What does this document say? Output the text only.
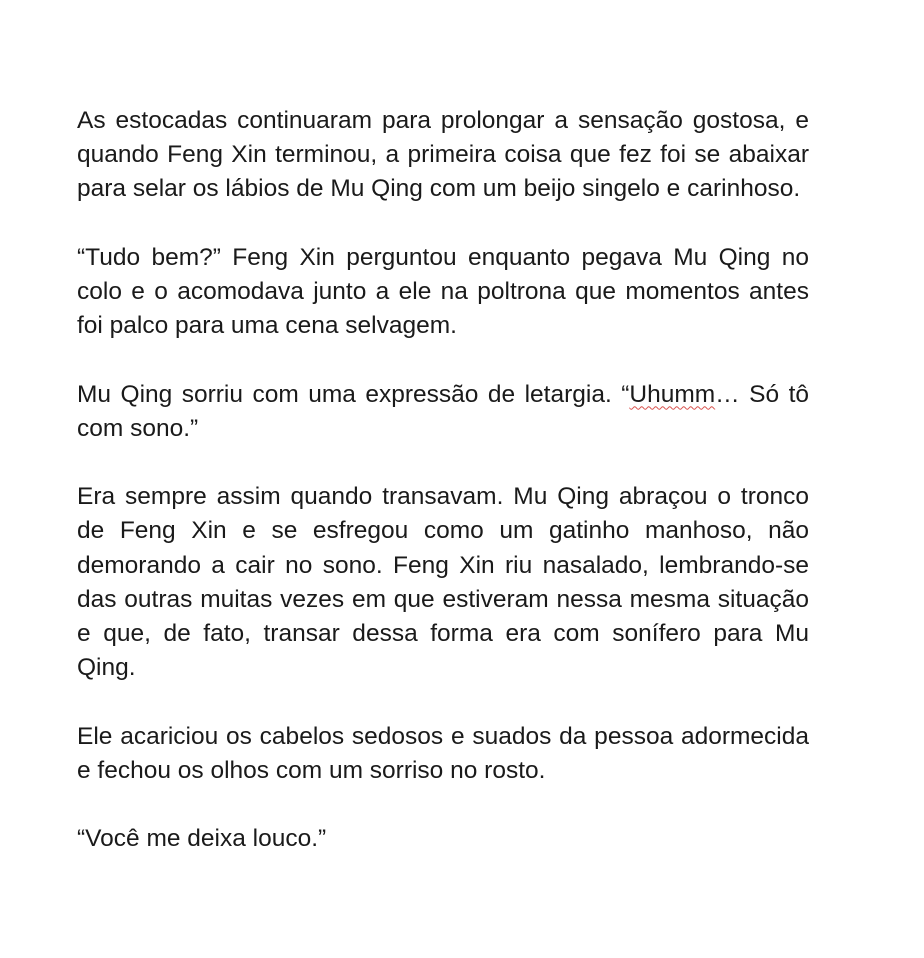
As estocadas continuaram para prolongar a sensação gostosa, e quando Feng Xin terminou, a primeira coisa que fez foi se abaixar para selar os lábios de Mu Qing com um beijo singelo e carinhoso.

“Tudo bem?” Feng Xin perguntou enquanto pegava Mu Qing no colo e o acomodava junto a ele na poltrona que momentos antes foi palco para uma cena selvagem.

Mu Qing sorriu com uma expressão de letargia. “Uhumm… Só tô com sono.”

Era sempre assim quando transavam. Mu Qing abraçou o tronco de Feng Xin e se esfregou como um gatinho manhoso, não demorando a cair no sono. Feng Xin riu nasalado, lembrando-se das outras muitas vezes em que estiveram nessa mesma situação e que, de fato, transar dessa forma era com sonífero para Mu Qing.

Ele acariciou os cabelos sedosos e suados da pessoa adormecida e fechou os olhos com um sorriso no rosto.

“Você me deixa louco.”
